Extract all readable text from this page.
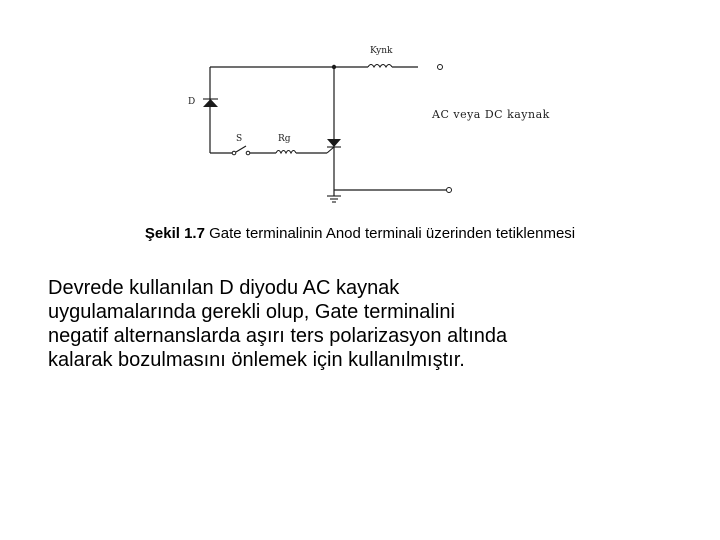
Kynk
D
S	Rg
AC veya DC kaynak
Şekil 1.7 Gate terminalinin Anod terminali üzerinden tetiklenmesi

Devrede kullanılan D diyodu AC kaynak
uygulamalarında gerekli olup, Gate terminalini
negatif alternanslarda aşırı ters polarizasyon altında
kalarak bozulmasını önlemek için kullanılmıştır.
